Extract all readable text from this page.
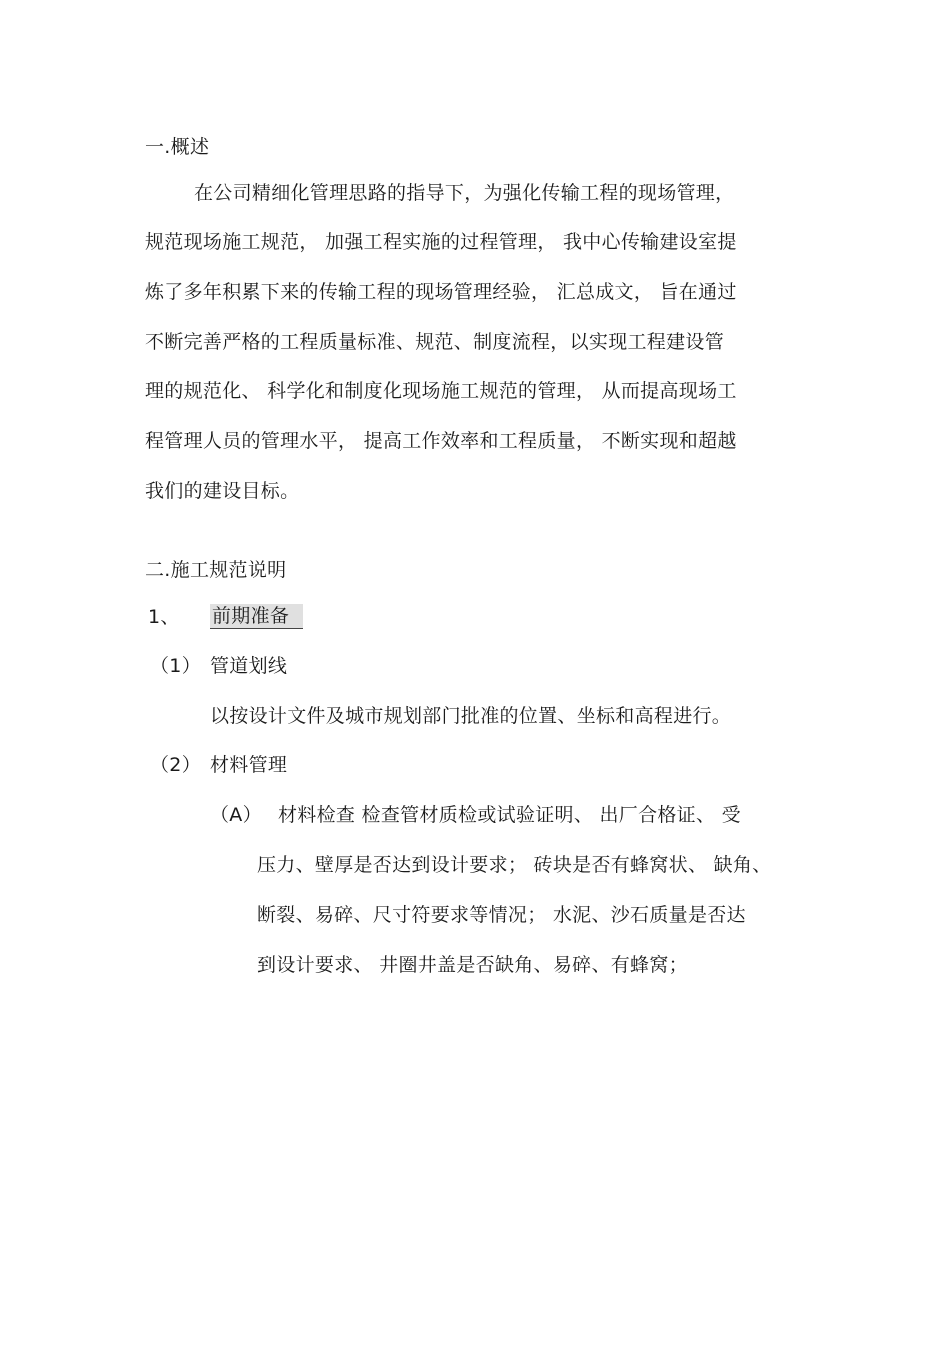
一.概述
在公司精细化管理思路的指导下，为强化传输工程的现场管理，
规范现场施工规范， 加强工程实施的过程管理， 我中心传输建设室提
炼了多年积累下来的传输工程的现场管理经验， 汇总成文， 旨在通过
不断完善严格的工程质量标准、规范、制度流程，以实现工程建设管
理的规范化、 科学化和制度化现场施工规范的管理， 从而提高现场工
程管理人员的管理水平， 提高工作效率和工程质量， 不断实现和超越
我们的建设目标。
二.施工规范说明
1、 前期准备
（1） 管道划线
以按设计文件及城市规划部门批准的位置、坐标和高程进行。
（2） 材料管理
（A） 材料检查 检查管材质检或试验证明、 出厂合格证、 受
压力、壁厚是否达到设计要求； 砖块是否有蜂窝状、 缺角、
断裂、易碎、尺寸符要求等情况； 水泥、沙石质量是否达
到设计要求、 井圈井盖是否缺角、易碎、有蜂窝；
